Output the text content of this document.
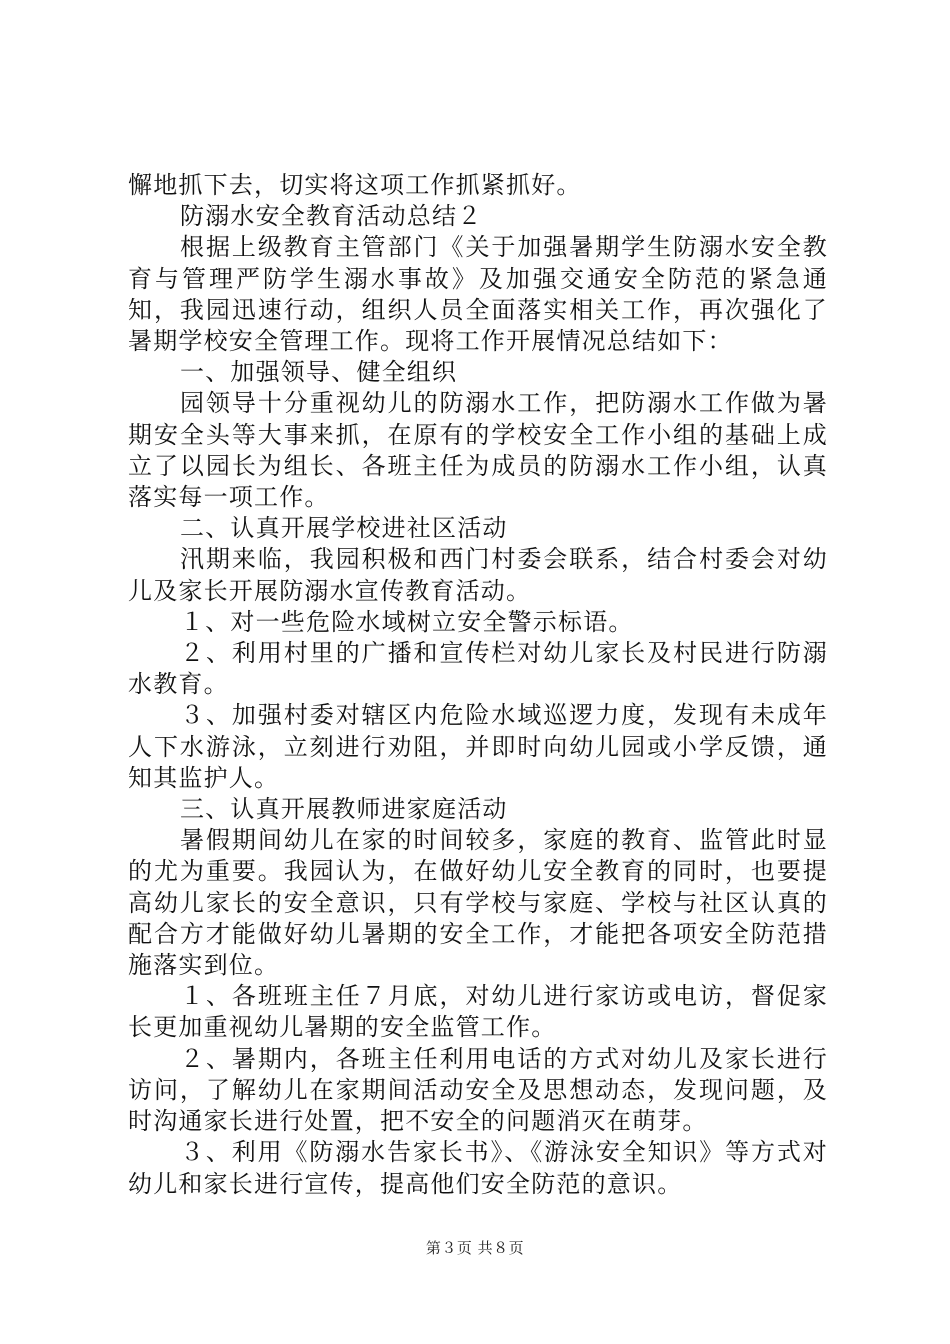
懈地抓下去，切实将这项工作抓紧抓好。

防溺水安全教育活动总结２

根据上级教育主管部门《关于加强暑期学生防溺水安全教育与管理严防学生溺水事故》及加强交通安全防范的紧急通知，我园迅速行动，组织人员全面落实相关工作，再次强化了暑期学校安全管理工作。现将工作开展情况总结如下：

一、加强领导、健全组织

园领导十分重视幼儿的防溺水工作，把防溺水工作做为暑期安全头等大事来抓，在原有的学校安全工作小组的基础上成立了以园长为组长、各班主任为成员的防溺水工作小组，认真落实每一项工作。

二、认真开展学校进社区活动

汛期来临，我园积极和西门村委会联系，结合村委会对幼儿及家长开展防溺水宣传教育活动。

１、对一些危险水域树立安全警示标语。

２、利用村里的广播和宣传栏对幼儿家长及村民进行防溺水教育。

３、加强村委对辖区内危险水域巡逻力度，发现有未成年人下水游泳，立刻进行劝阻，并即时向幼儿园或小学反馈，通知其监护人。

三、认真开展教师进家庭活动

暑假期间幼儿在家的时间较多，家庭的教育、监管此时显的尤为重要。我园认为，在做好幼儿安全教育的同时，也要提高幼儿家长的安全意识，只有学校与家庭、学校与社区认真的配合方才能做好幼儿暑期的安全工作，才能把各项安全防范措施落实到位。

１、各班班主任７月底，对幼儿进行家访或电访，督促家长更加重视幼儿暑期的安全监管工作。

２、暑期内，各班主任利用电话的方式对幼儿及家长进行访问，了解幼儿在家期间活动安全及思想动态，发现问题，及时沟通家长进行处置，把不安全的问题消灭在萌芽。

３、利用《防溺水告家长书》、《游泳安全知识》等方式对幼儿和家长进行宣传，提高他们安全防范的意识。

第３页 共８页
